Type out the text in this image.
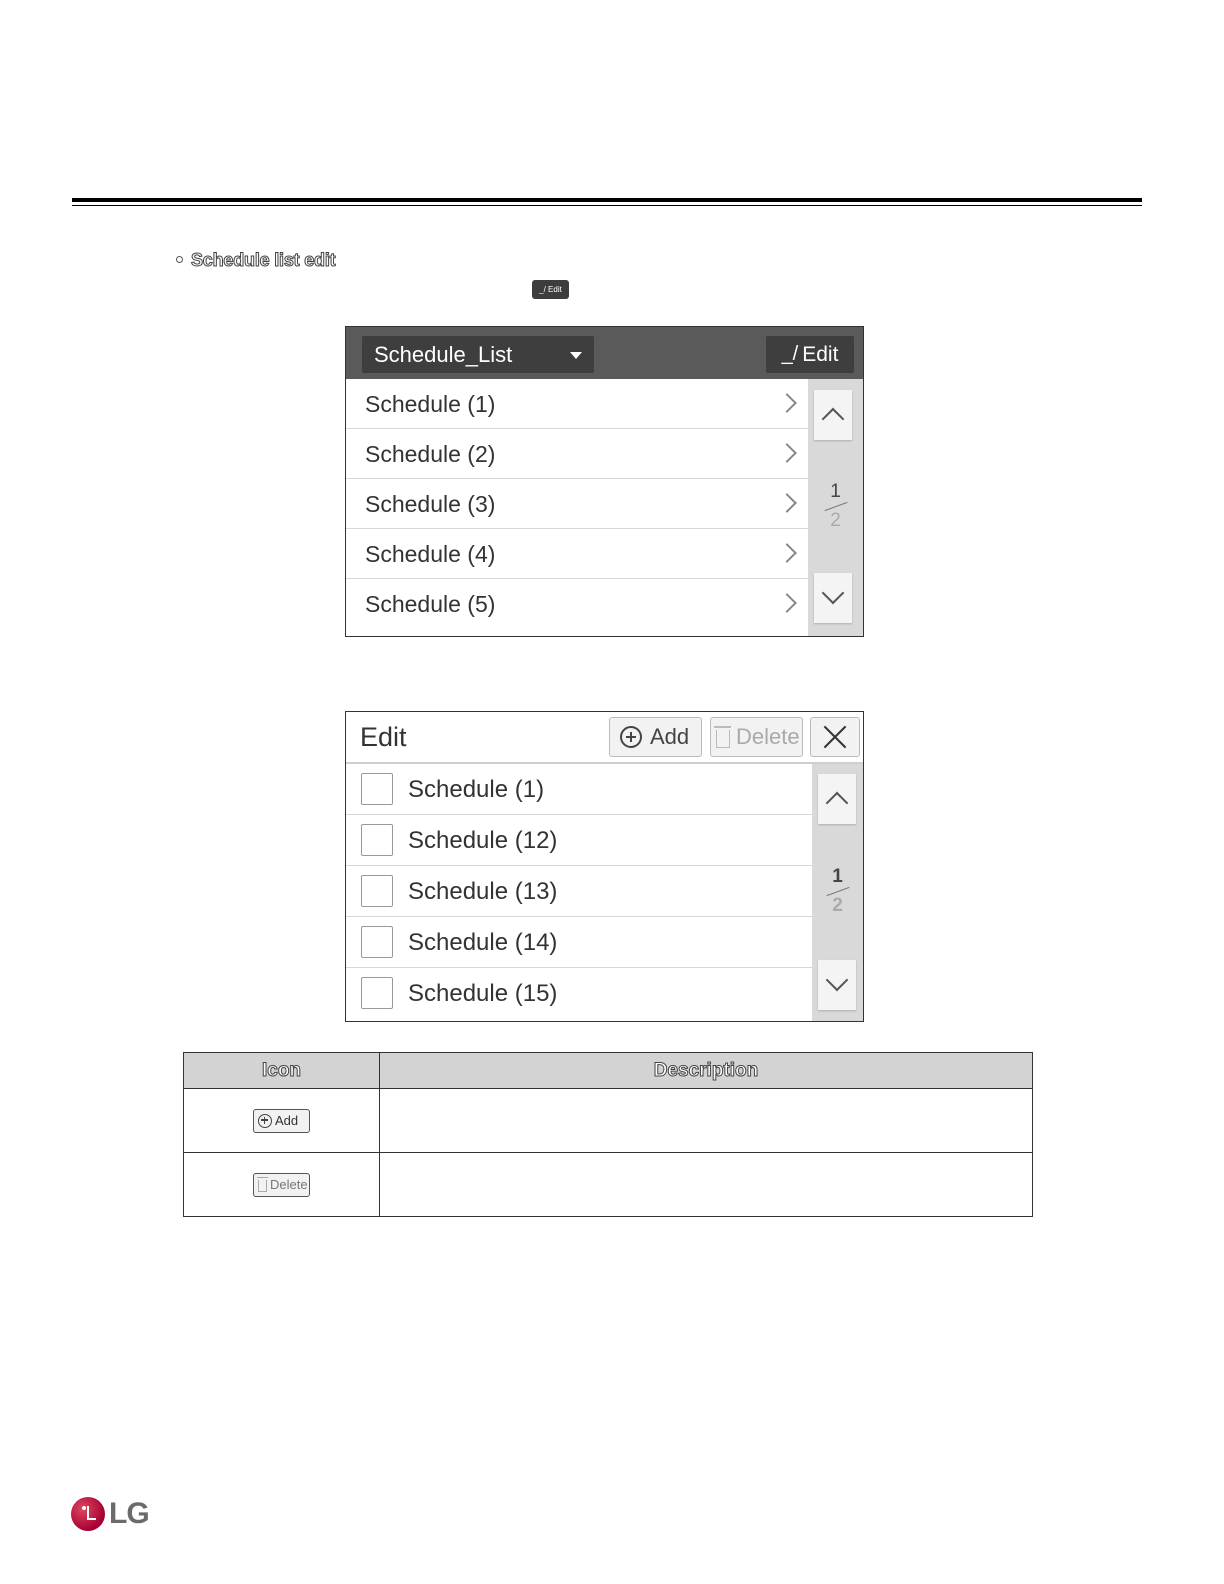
Schedule list edit
_/
Edit
Schedule_List	_/ Edit
Schedule (1)
Schedule (2)
Schedule (3)
Schedule (4)
Schedule (5)
1
2
Edit	Add Delete
Schedule (1)
Schedule (12)
Schedule (13)
Schedule (14)
Schedule (15)
1
2
Icon	Description

Add	

Delete	

LG
